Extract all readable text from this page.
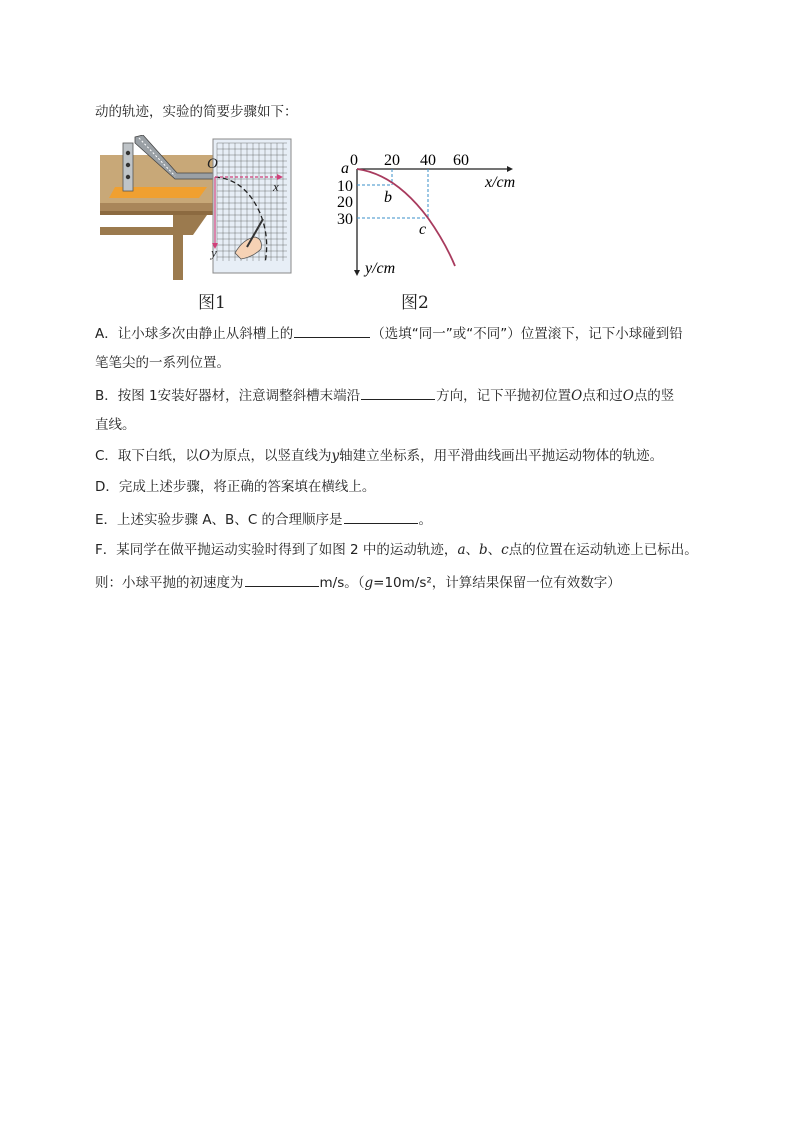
动的轨迹，实验的简要步骤如下：
O
x
y
图1
0 20 40 60
10
20
30
a
b
c
x/cm
y/cm
图2
A．让小球多次由静止从斜槽上的	（选填“同一”或“不同”）位置滚下，记下小球碰到铅
笔笔尖的一系列位置。
B．按图 1安装好器材，注意调整斜槽末端沿	方向，记下平抛初位置O点和过O点的竖
直线。
C．取下白纸，以O为原点，以竖直线为y轴建立坐标系，用平滑曲线画出平抛运动物体的轨迹。
D．完成上述步骤，将正确的答案填在横线上。
E．上述实验步骤 A、B、C 的合理顺序是	。
F．某同学在做平抛运动实验时得到了如图 2 中的运动轨迹，a、b、c点的位置在运动轨迹上已标出。
则：小球平抛的初速度为	m/s。（g=10m/s²，计算结果保留一位有效数字）
